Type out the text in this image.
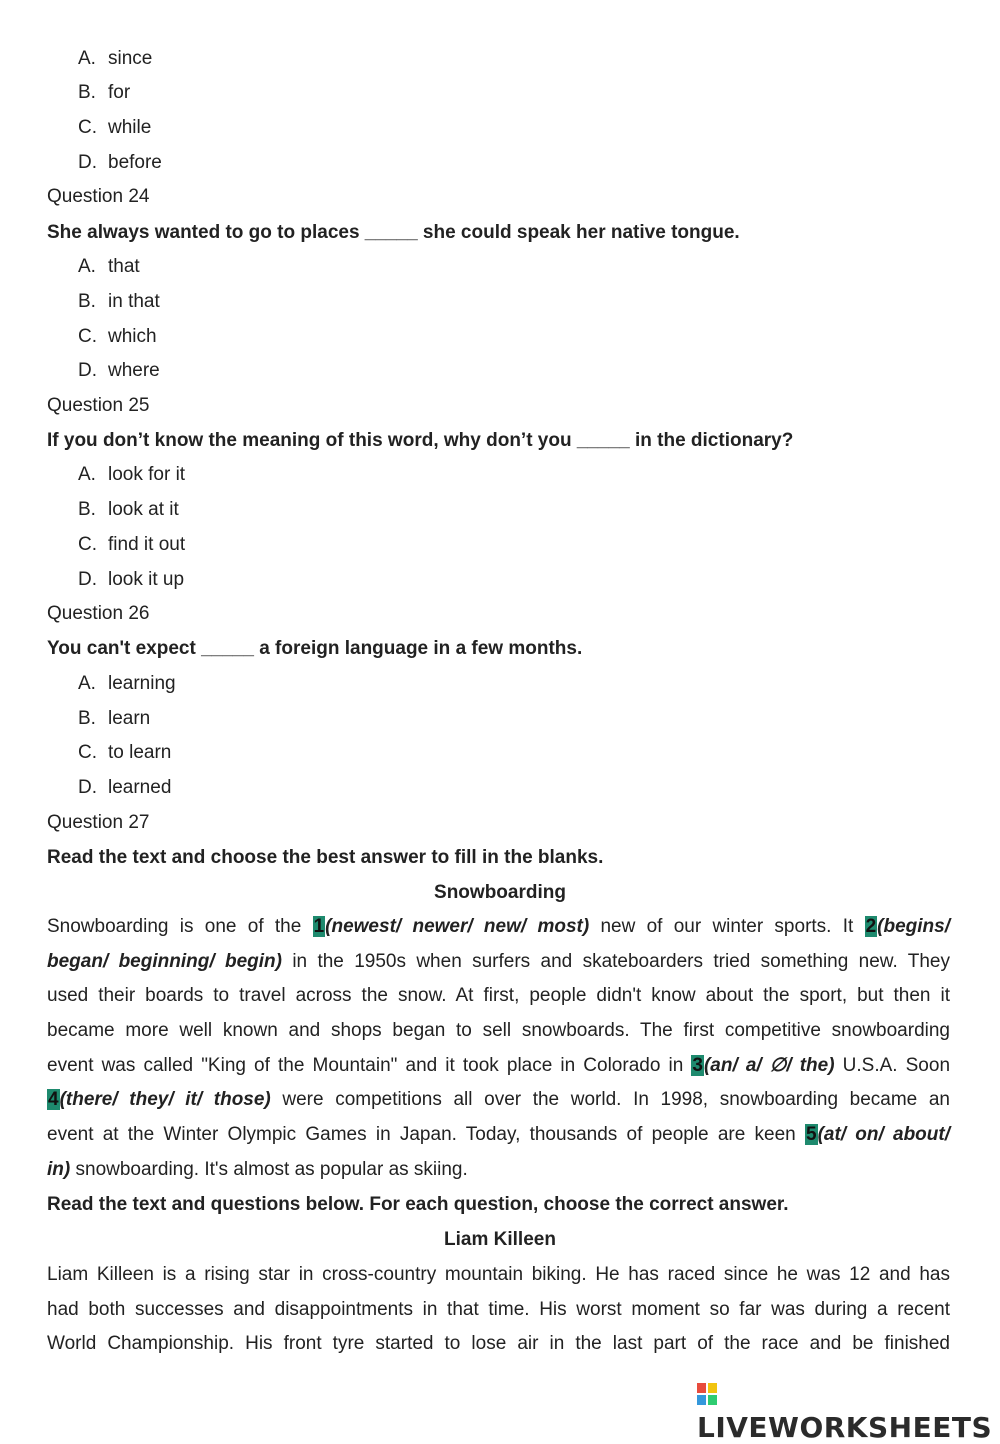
A. since
B. for
C. while
D. before
Question 24
She always wanted to go to places _____ she could speak her native tongue.
A. that
B. in that
C. which
D. where
Question 25
If you don’t know the meaning of this word, why don’t you _____ in the dictionary?
A. look for it
B. look at it
C. find it out
D. look it up
Question 26
You can't expect _____ a foreign language in a few months.
A. learning
B. learn
C. to learn
D. learned
Question 27
Read the text and choose the best answer to fill in the blanks.
Snowboarding
Snowboarding is one of the 1(newest/ newer/ new/ most) new of our winter sports. It 2(begins/
began/ beginning/ begin) in the 1950s when surfers and skateboarders tried something new. They
used their boards to travel across the snow. At first, people didn't know about the sport, but then it
became more well known and shops began to sell snowboards. The first competitive snowboarding
event was called "King of the Mountain" and it took place in Colorado in 3(an/ a/ ∅/ the) U.S.A. Soon
4(there/ they/ it/ those) were competitions all over the world. In 1998, snowboarding became an
event at the Winter Olympic Games in Japan. Today, thousands of people are keen 5(at/ on/ about/
in) snowboarding. It's almost as popular as skiing.
Read the text and questions below. For each question, choose the correct answer.
Liam Killeen
Liam Killeen is a rising star in cross-country mountain biking. He has raced since he was 12 and has
had both successes and disappointments in that time. His worst moment so far was during a recent
World Championship. His front tyre started to lose air in the last part of the race and be finished
LIVEWORKSHEETS
